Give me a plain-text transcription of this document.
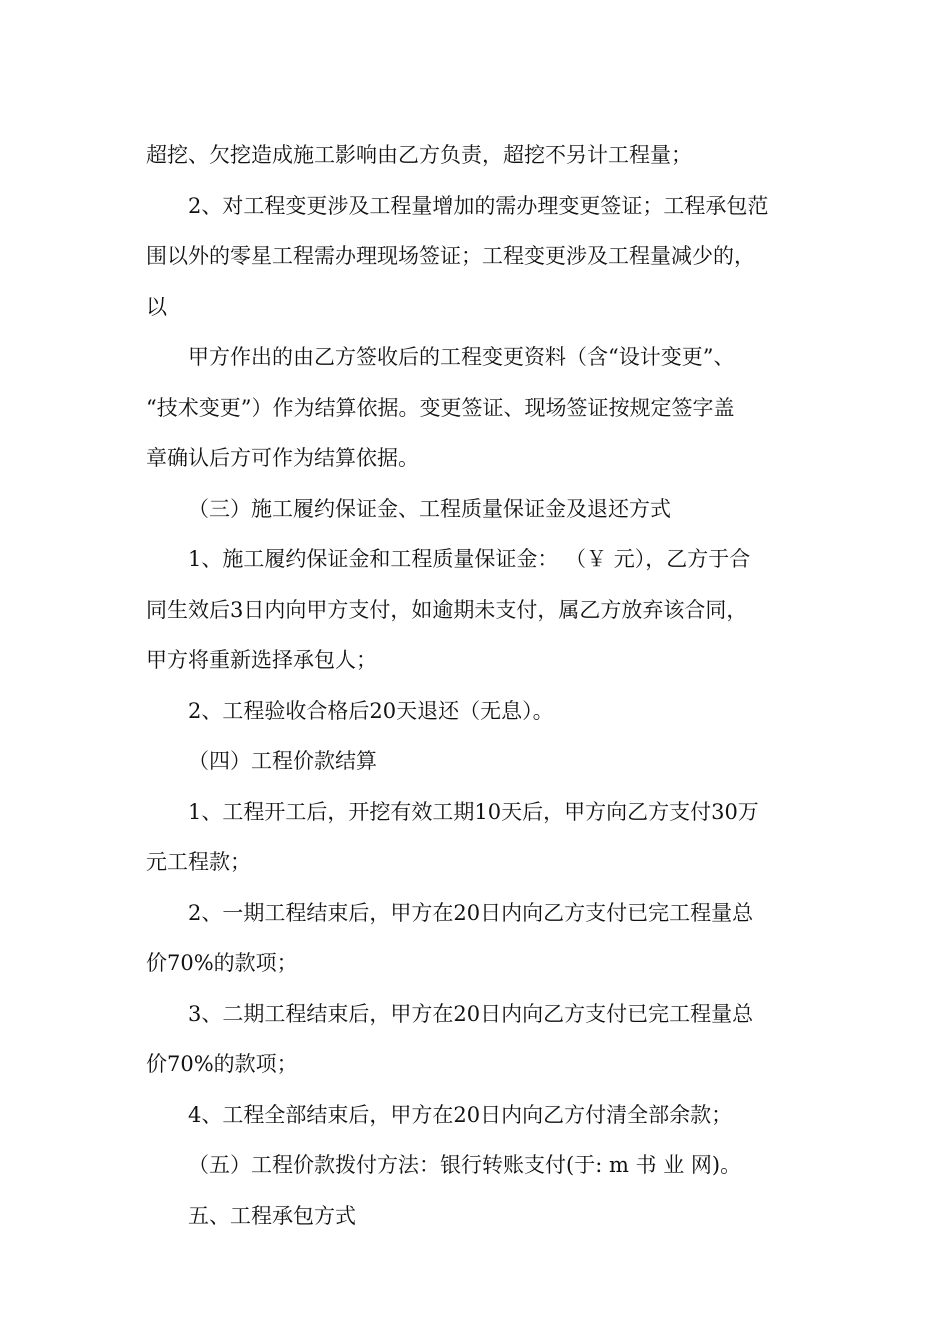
超挖、欠挖造成施工影响由乙方负责，超挖不另计工程量；
2、对工程变更涉及工程量增加的需办理变更签证；工程承包范
围以外的零星工程需办理现场签证；工程变更涉及工程量减少的，
以
甲方作出的由乙方签收后的工程变更资料（含“设计变更”、
“技术变更”）作为结算依据。变更签证、现场签证按规定签字盖
章确认后方可作为结算依据。
（三）施工履约保证金、工程质量保证金及退还方式
1、施工履约保证金和工程质量保证金： （￥ 元），乙方于合
同生效后3日内向甲方支付，如逾期未支付，属乙方放弃该合同，
甲方将重新选择承包人；
2、工程验收合格后20天退还（无息）。
（四）工程价款结算
1、工程开工后，开挖有效工期10天后，甲方向乙方支付30万
元工程款；
2、一期工程结束后，甲方在20日内向乙方支付已完工程量总
价70%的款项；
3、二期工程结束后，甲方在20日内向乙方支付已完工程量总
价70%的款项；
4、工程全部结束后，甲方在20日内向乙方付清全部余款；
（五）工程价款拨付方法：银行转账支付(于: m 书 业 网)。
五、工程承包方式
